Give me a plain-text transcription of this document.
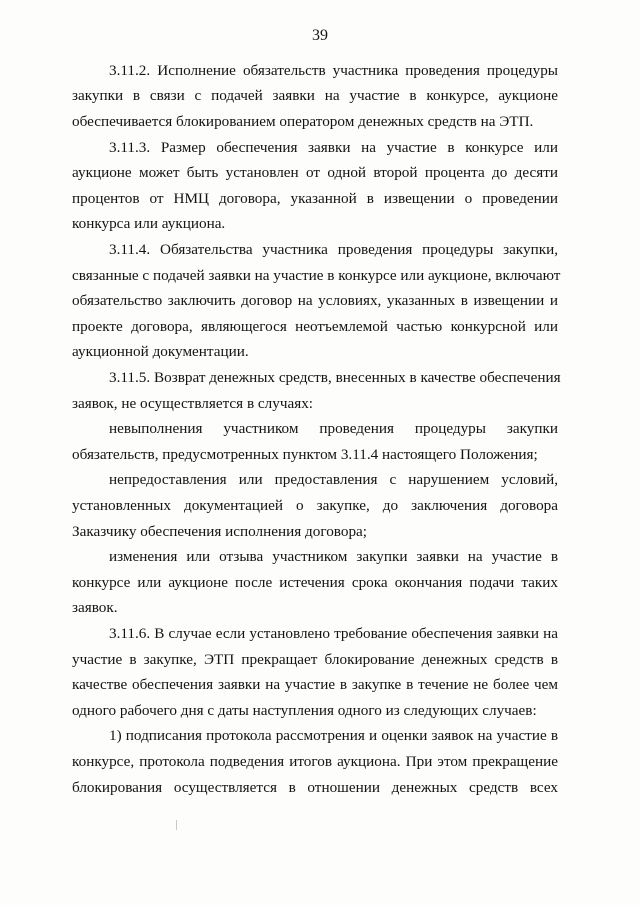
39
3.11.2. Исполнение обязательств участника проведения процедуры
закупки в связи с подачей заявки на участие в конкурсе, аукционе
обеспечивается блокированием оператором денежных средств на ЭТП.
3.11.3. Размер обеспечения заявки на участие в конкурсе или
аукционе может быть установлен от одной второй процента до десяти
процентов от НМЦ договора, указанной в извещении о проведении
конкурса или аукциона.
3.11.4. Обязательства участника проведения процедуры закупки,
связанные с подачей заявки на участие в конкурсе или аукционе, включают
обязательство заключить договор на условиях, указанных в извещении и
проекте договора, являющегося неотъемлемой частью конкурсной или
аукционной документации.
3.11.5. Возврат денежных средств, внесенных в качестве обеспечения
заявок, не осуществляется в случаях:
невыполнения участником проведения процедуры закупки
обязательств, предусмотренных пунктом 3.11.4 настоящего Положения;
непредоставления или предоставления с нарушением условий,
установленных документацией о закупке, до заключения договора
Заказчику обеспечения исполнения договора;
изменения или отзыва участником закупки заявки на участие в
конкурсе или аукционе после истечения срока окончания подачи таких
заявок.
3.11.6. В случае если установлено требование обеспечения заявки на
участие в закупке, ЭТП прекращает блокирование денежных средств в
качестве обеспечения заявки на участие в закупке в течение не более чем
одного рабочего дня с даты наступления одного из следующих случаев:
1) подписания протокола рассмотрения и оценки заявок на участие в
конкурсе, протокола подведения итогов аукциона. При этом прекращение
блокирования осуществляется в отношении денежных средств всех
